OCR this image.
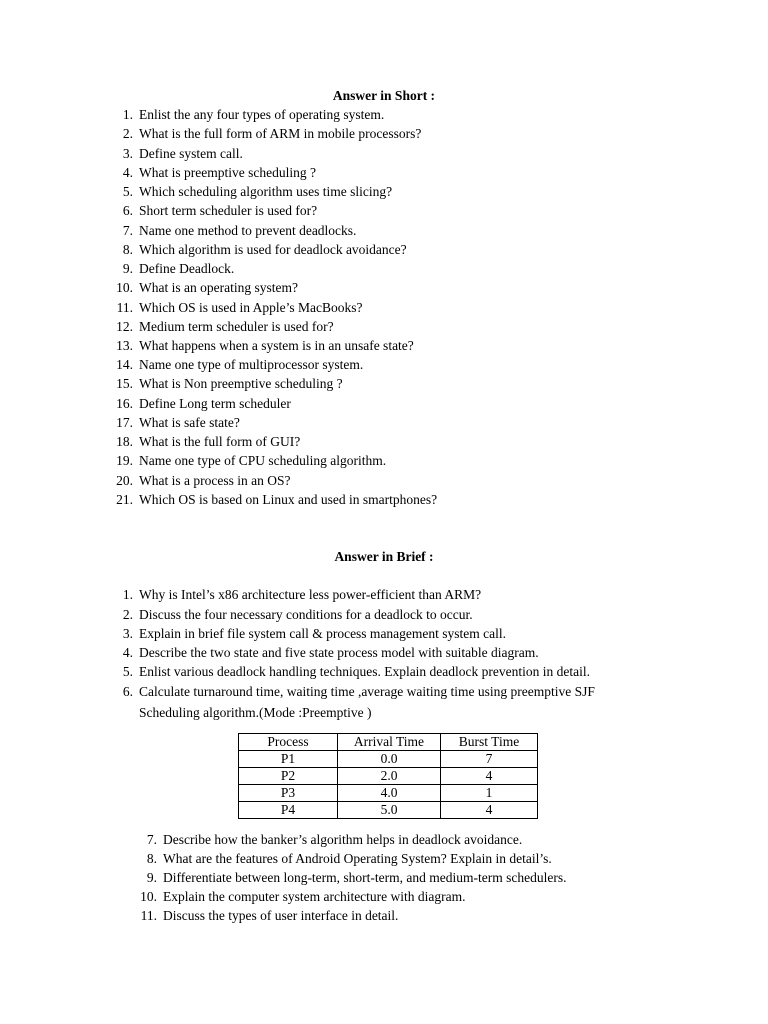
Answer in Short :
1. Enlist the any four types of operating system.
2. What is the full form of ARM in mobile processors?
3. Define system call.
4. What is preemptive scheduling ?
5. Which scheduling algorithm uses time slicing?
6. Short term scheduler is used for?
7. Name one method to prevent deadlocks.
8. Which algorithm is used for deadlock avoidance?
9. Define Deadlock.
10. What is an operating system?
11. Which OS is used in Apple’s MacBooks?
12. Medium term scheduler is used for?
13. What happens when a system is in an unsafe state?
14. Name one type of multiprocessor system.
15. What is Non preemptive scheduling ?
16. Define Long term scheduler
17. What is safe state?
18. What is the full form of GUI?
19. Name one type of CPU scheduling algorithm.
20. What is a process in an OS?
21. Which OS is based on Linux and used in smartphones?
Answer in Brief :
1. Why is Intel’s x86 architecture less power-efficient than ARM?
2. Discuss the four necessary conditions for a deadlock to occur.
3. Explain in brief file system call & process management system call.
4. Describe the two state and five state process model with suitable diagram.
5. Enlist various deadlock handling techniques. Explain deadlock prevention in detail.
6. Calculate turnaround time, waiting time ,average waiting time using preemptive SJF
Scheduling algorithm.(Mode :Preemptive )
Process	Arrival Time	Burst Time
P1	0.0	7
P2	2.0	4
P3	4.0	1
P4	5.0	4
7. Describe how the banker’s algorithm helps in deadlock avoidance.
8. What are the features of Android Operating System? Explain in detail’s.
9. Differentiate between long-term, short-term, and medium-term schedulers.
10. Explain the computer system architecture with diagram.
11. Discuss the types of user interface in detail.
